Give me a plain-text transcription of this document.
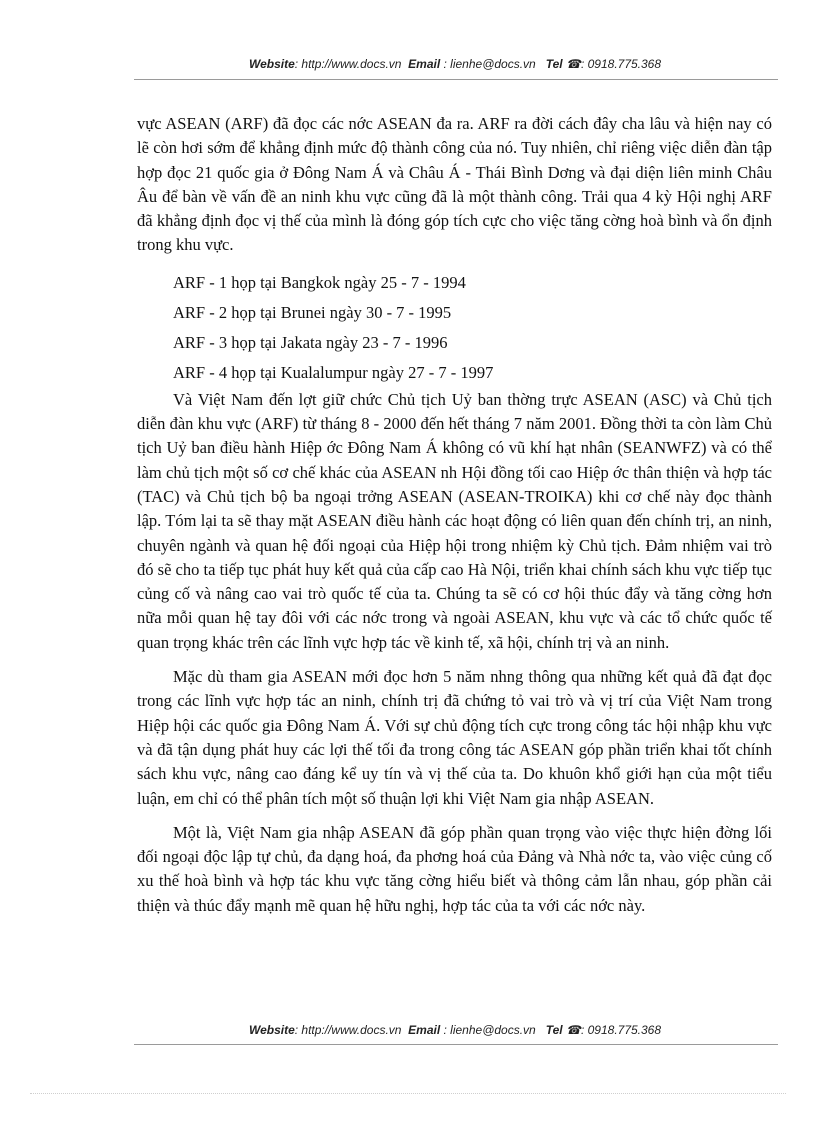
Website: http://www.docs.vn Email : lienhe@docs.vn Tel ☎: 0918.775.368

vực ASEAN (ARF) đã đọc các nớc ASEAN đa ra. ARF ra đời cách đây cha lâu và hiện nay có lẽ còn hơi sớm để khẳng định mức độ thành công của nó. Tuy nhiên, chỉ riêng việc diễn đàn tập hợp đọc 21 quốc gia ở Đông Nam Á và Châu Á - Thái Bình Dơng và đại diện liên minh Châu Âu để bàn về vấn đề an ninh khu vực cũng đã là một thành công. Trải qua 4 kỳ Hội nghị ARF đã khẳng định đọc vị thế của mình là đóng góp tích cực cho việc tăng cờng hoà bình và ổn định trong khu vực.

ARF - 1 họp tại Bangkok ngày 25 - 7 - 1994
ARF - 2 họp tại Brunei ngày 30 - 7 - 1995
ARF - 3 họp tại Jakata ngày 23 - 7 - 1996
ARF - 4 họp tại Kualalumpur ngày 27 - 7 - 1997

Và Việt Nam đến lợt giữ chức Chủ tịch Uỷ ban thờng trực ASEAN (ASC) và Chủ tịch diễn đàn khu vực (ARF) từ tháng 8 - 2000 đến hết tháng 7 năm 2001. Đồng thời ta còn làm Chủ tịch Uỷ ban điều hành Hiệp ớc Đông Nam Á không có vũ khí hạt nhân (SEANWFZ) và có thể làm chủ tịch một số cơ chế khác của ASEAN nh Hội đồng tối cao Hiệp ớc thân thiện và hợp tác (TAC) và Chủ tịch bộ ba ngoại trởng ASEAN (ASEAN-TROIKA) khi cơ chế này đọc thành lập. Tóm lại ta sẽ thay mặt ASEAN điều hành các hoạt động có liên quan đến chính trị, an ninh, chuyên ngành và quan hệ đối ngoại của Hiệp hội trong nhiệm kỳ Chủ tịch. Đảm nhiệm vai trò đó sẽ cho ta tiếp tục phát huy kết quả của cấp cao Hà Nội, triển khai chính sách khu vực tiếp tục củng cố và nâng cao vai trò quốc tế của ta. Chúng ta sẽ có cơ hội thúc đẩy và tăng cờng hơn nữa mỗi quan hệ tay đôi với các nớc trong và ngoài ASEAN, khu vực và các tổ chức quốc tế quan trọng khác trên các lĩnh vực hợp tác về kinh tế, xã hội, chính trị và an ninh.

Mặc dù tham gia ASEAN mới đọc hơn 5 năm nhng thông qua những kết quả đã đạt đọc trong các lĩnh vực hợp tác an ninh, chính trị đã chứng tỏ vai trò và vị trí của Việt Nam trong Hiệp hội các quốc gia Đông Nam Á. Với sự chủ động tích cực trong công tác hội nhập khu vực và đã tận dụng phát huy các lợi thế tối đa trong công tác ASEAN góp phần triển khai tốt chính sách khu vực, nâng cao đáng kể uy tín và vị thế của ta. Do khuôn khổ giới hạn của một tiểu luận, em chỉ có thể phân tích một số thuận lợi khi Việt Nam gia nhập ASEAN.

Một là, Việt Nam gia nhập ASEAN đã góp phần quan trọng vào việc thực hiện đờng lối đối ngoại độc lập tự chủ, đa dạng hoá, đa phơng hoá của Đảng và Nhà nớc ta, vào việc củng cố xu thế hoà bình và hợp tác khu vực tăng cờng hiểu biết và thông cảm lẫn nhau, góp phần cải thiện và thúc đẩy mạnh mẽ quan hệ hữu nghị, hợp tác của ta với các nớc này.

Website: http://www.docs.vn Email : lienhe@docs.vn Tel ☎: 0918.775.368
